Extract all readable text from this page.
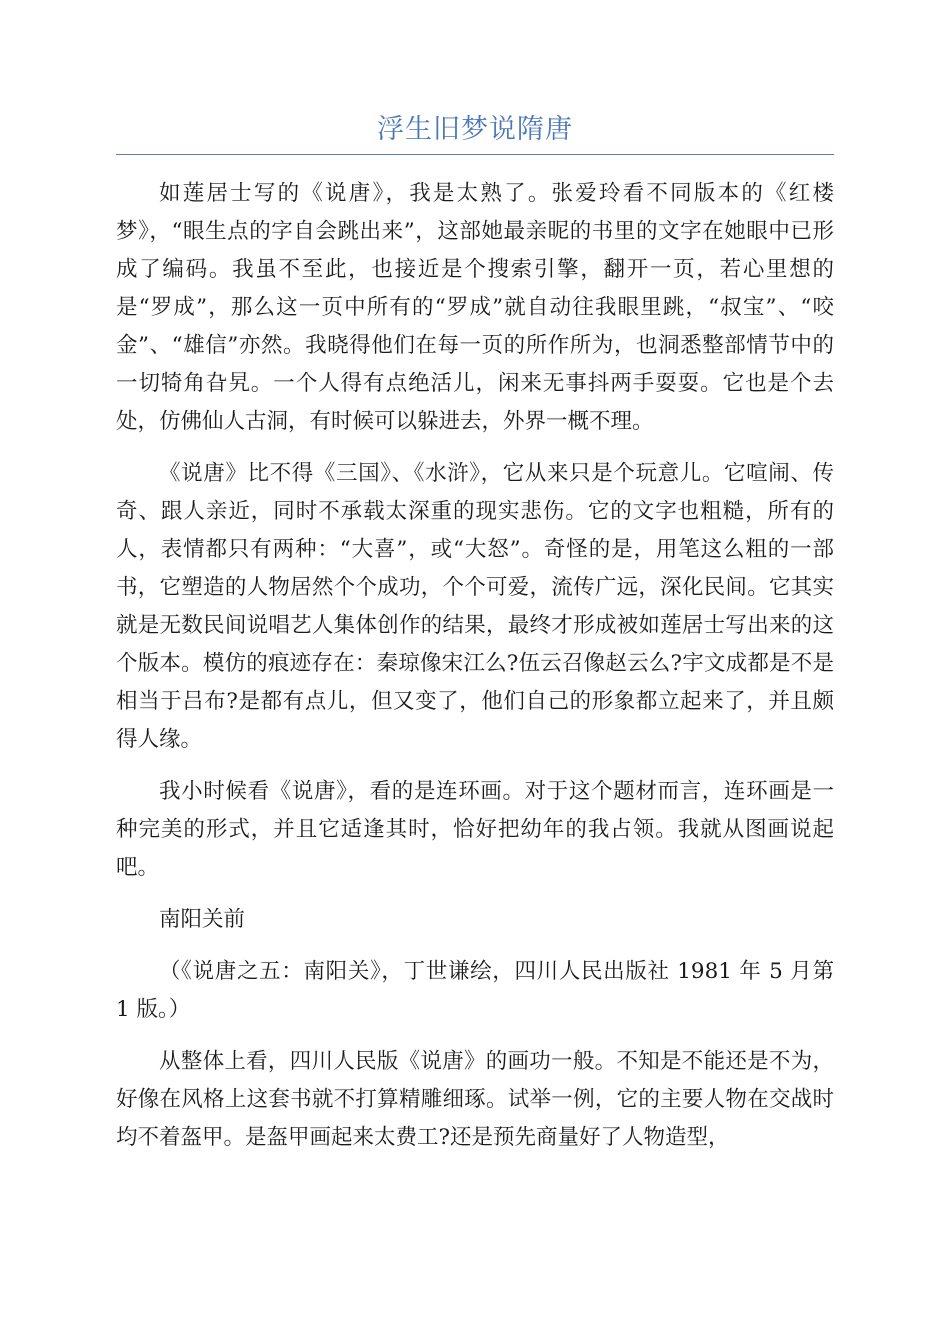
浮生旧梦说隋唐

如莲居士写的《说唐》，我是太熟了。张爱玲看不同版本的《红楼梦》，“眼生点的字自会跳出来”，这部她最亲昵的书里的文字在她眼中已形成了编码。我虽不至此，也接近是个搜索引擎，翻开一页，若心里想的是“罗成”，那么这一页中所有的“罗成”就自动往我眼里跳，“叔宝”、“咬金”、“雄信”亦然。我晓得他们在每一页的所作所为，也洞悉整部情节中的一切犄角旮旯。一个人得有点绝活儿，闲来无事抖两手耍耍。它也是个去处，仿佛仙人古洞，有时候可以躲进去，外界一概不理。

《说唐》比不得《三国》、《水浒》，它从来只是个玩意儿。它喧闹、传奇、跟人亲近，同时不承载太深重的现实悲伤。它的文字也粗糙，所有的人，表情都只有两种：“大喜”，或“大怒”。奇怪的是，用笔这么粗的一部书，它塑造的人物居然个个成功，个个可爱，流传广远，深化民间。它其实就是无数民间说唱艺人集体创作的结果，最终才形成被如莲居士写出来的这个版本。模仿的痕迹存在：秦琼像宋江么?伍云召像赵云么?宇文成都是不是相当于吕布?是都有点儿，但又变了，他们自己的形象都立起来了，并且颇得人缘。

我小时候看《说唐》，看的是连环画。对于这个题材而言，连环画是一种完美的形式，并且它适逢其时，恰好把幼年的我占领。我就从图画说起吧。

南阳关前

（《说唐之五：南阳关》，丁世谦绘，四川人民出版社 1981 年 5 月第 1 版。）

从整体上看，四川人民版《说唐》的画功一般。不知是不能还是不为，好像在风格上这套书就不打算精雕细琢。试举一例，它的主要人物在交战时均不着盔甲。是盔甲画起来太费工?还是预先商量好了人物造型，
